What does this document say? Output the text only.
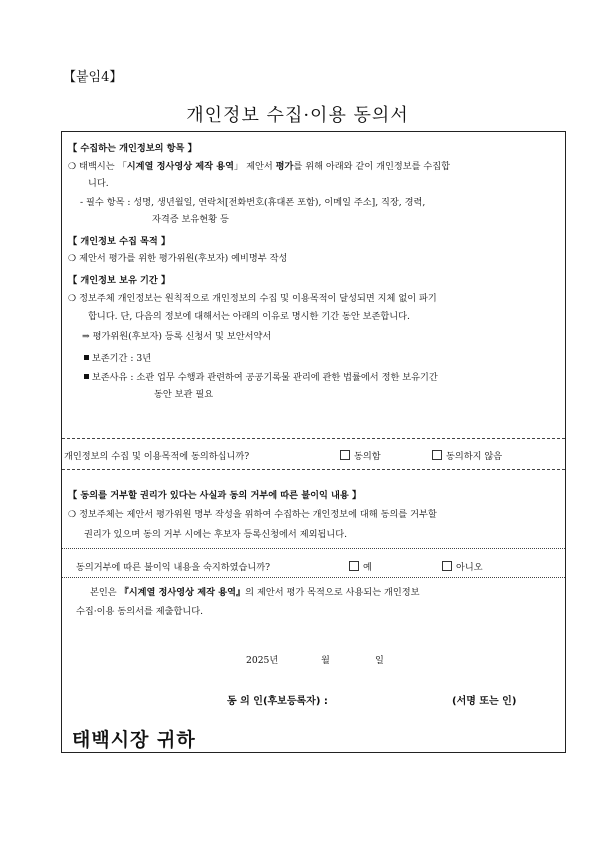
【붙임4】
개인정보 수집·이용 동의서
【 수집하는 개인정보의 항목 】
❍ 태백시는 「시계열 정사영상 제작 용역」 제안서 평가를 위해 아래와 같이 개인정보를 수집합
니다.
- 필수 항목 : 성명, 생년월일, 연락처[전화번호(휴대폰 포함), 이메일 주소], 직장, 경력,
자격증 보유현황 등
【 개인정보 수집 목적 】
❍ 제안서 평가를 위한 평가위원(후보자) 예비명부 작성
【 개인정보 보유 기간 】
❍ 정보주체 개인정보는 원칙적으로 개인정보의 수집 및 이용목적이 달성되면 지체 없이 파기
합니다. 단, 다음의 정보에 대해서는 아래의 이유로 명시한 기간 동안 보존합니다.
⇒ 평가위원(후보자) 등록 신청서 및 보안서약서
보존기간 : 3년
보존사유 : 소관 업무 수행과 관련하여 공공기록물 관리에 관한 법률에서 정한 보유기간
동안 보관 필요
개인정보의 수집 및 이용목적에 동의하십니까?	동의함	동의하지 않음
【 동의를 거부할 권리가 있다는 사실과 동의 거부에 따른 불이익 내용 】
❍ 정보주체는 제안서 평가위원 명부 작성을 위하여 수집하는 개인정보에 대해 동의를 거부할
권리가 있으며 동의 거부 시에는 후보자 등록신청에서 제외됩니다.
동의거부에 따른 불이익 내용을 숙지하였습니까?	예	아니오
본인은 『시계열 정사영상 제작 용역』의 제안서 평가 목적으로 사용되는 개인정보
수집·이용 동의서를 제출합니다.
2025년	월	일
동 의 인(후보등록자) :	(서명 또는 인)
태백시장 귀하
